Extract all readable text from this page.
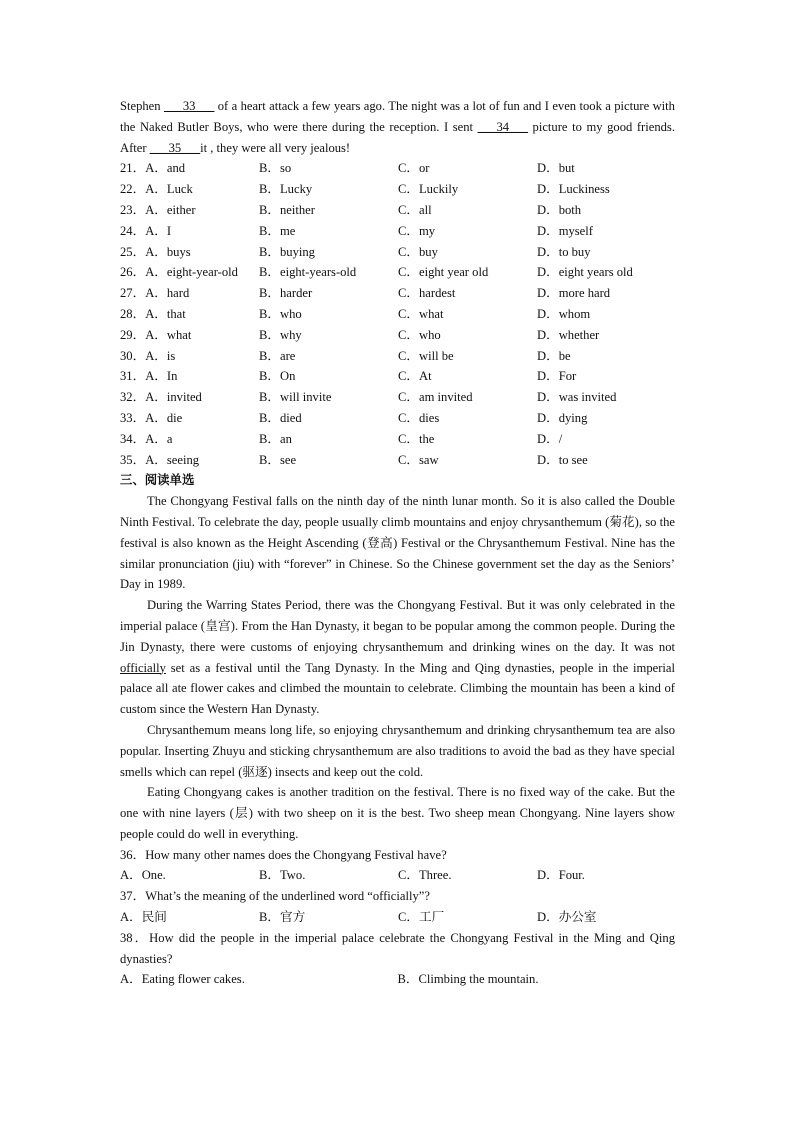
Stephen ___33___ of a heart attack a few years ago. The night was a lot of fun and I even took a picture with the Naked Butler Boys, who were there during the reception. I sent ___34___ picture to my good friends. After ___35___it , they were all very jealous!

21．A．and	B．so	C．or	D．but
22．A．Luck	B．Lucky	C．Luckily	D．Luckiness
23．A．either	B．neither	C．all	D．both
24．A．I	B．me	C．my	D．myself
25．A．buys	B．buying	C．buy	D．to buy
26．A．eight-year-old	B．eight-years-old	C．eight year old	D．eight years old
27．A．hard	B．harder	C．hardest	D．more hard
28．A．that	B．who	C．what	D．whom
29．A．what	B．why	C．who	D．whether
30．A．is	B．are	C．will be	D．be
31．A．In	B．On	C．At	D．For
32．A．invited	B．will invite	C．am invited	D．was invited
33．A．die	B．died	C．dies	D．dying
34．A．a	B．an	C．the	D．/
35．A．seeing	B．see	C．saw	D．to see

三、阅读单选

The Chongyang Festival falls on the ninth day of the ninth lunar month. So it is also called the Double Ninth Festival. To celebrate the day, people usually climb mountains and enjoy chrysanthemum (菊花), so the festival is also known as the Height Ascending (登高) Festival or the Chrysanthemum Festival. Nine has the similar pronunciation (jiu) with “forever” in Chinese. So the Chinese government set the day as the Seniors’ Day in 1989.

During the Warring States Period, there was the Chongyang Festival. But it was only celebrated in the imperial palace (皇宫). From the Han Dynasty, it began to be popular among the common people. During the Jin Dynasty, there were customs of enjoying chrysanthemum and drinking wines on the day. It was not officially set as a festival until the Tang Dynasty. In the Ming and Qing dynasties, people in the imperial palace all ate flower cakes and climbed the mountain to celebrate. Climbing the mountain has been a kind of custom since the Western Han Dynasty.

Chrysanthemum means long life, so enjoying chrysanthemum and drinking chrysanthemum tea are also popular. Inserting Zhuyu and sticking chrysanthemum are also traditions to avoid the bad as they have special smells which can repel (驱逐) insects and keep out the cold.

Eating Chongyang cakes is another tradition on the festival. There is no fixed way of the cake. But the one with nine layers (层) with two sheep on it is the best. Two sheep mean Chongyang. Nine layers show people could do well in everything.

36．How many other names does the Chongyang Festival have?

A．One.	B．Two.	C．Three.	D．Four.

37．What’s the meaning of the underlined word “officially”?

A．民间	B．官方	C．工厂	D．办公室

38．How did the people in the imperial palace celebrate the Chongyang Festival in the Ming and Qing dynasties?

A．Eating flower cakes.	B．Climbing the mountain.
